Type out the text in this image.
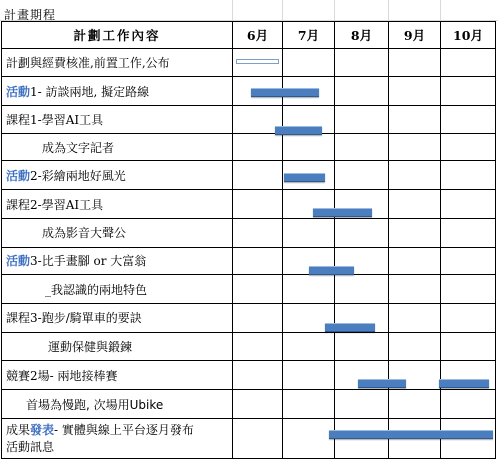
計畫期程
計劃工作內容	6月	7月	8月	9月	10月
計劃與經費核准,前置工作,公布					
活動1- 訪談兩地, 擬定路線					
課程1-學習AI工具					
成為文字記者					
活動2-彩繪兩地好風光					
課程2-學習AI工具					
成為影音大聲公					
活動3-比手畫腳 or 大富翁					
_我認識的兩地特色					
課程3-跑步/騎單車的要訣					
運動保健與鍛鍊					
競賽2場- 兩地接棒賽					
首場為慢跑, 次場用Ubike					

成果發表- 實體與線上平台逐月發布
活動訊息					
